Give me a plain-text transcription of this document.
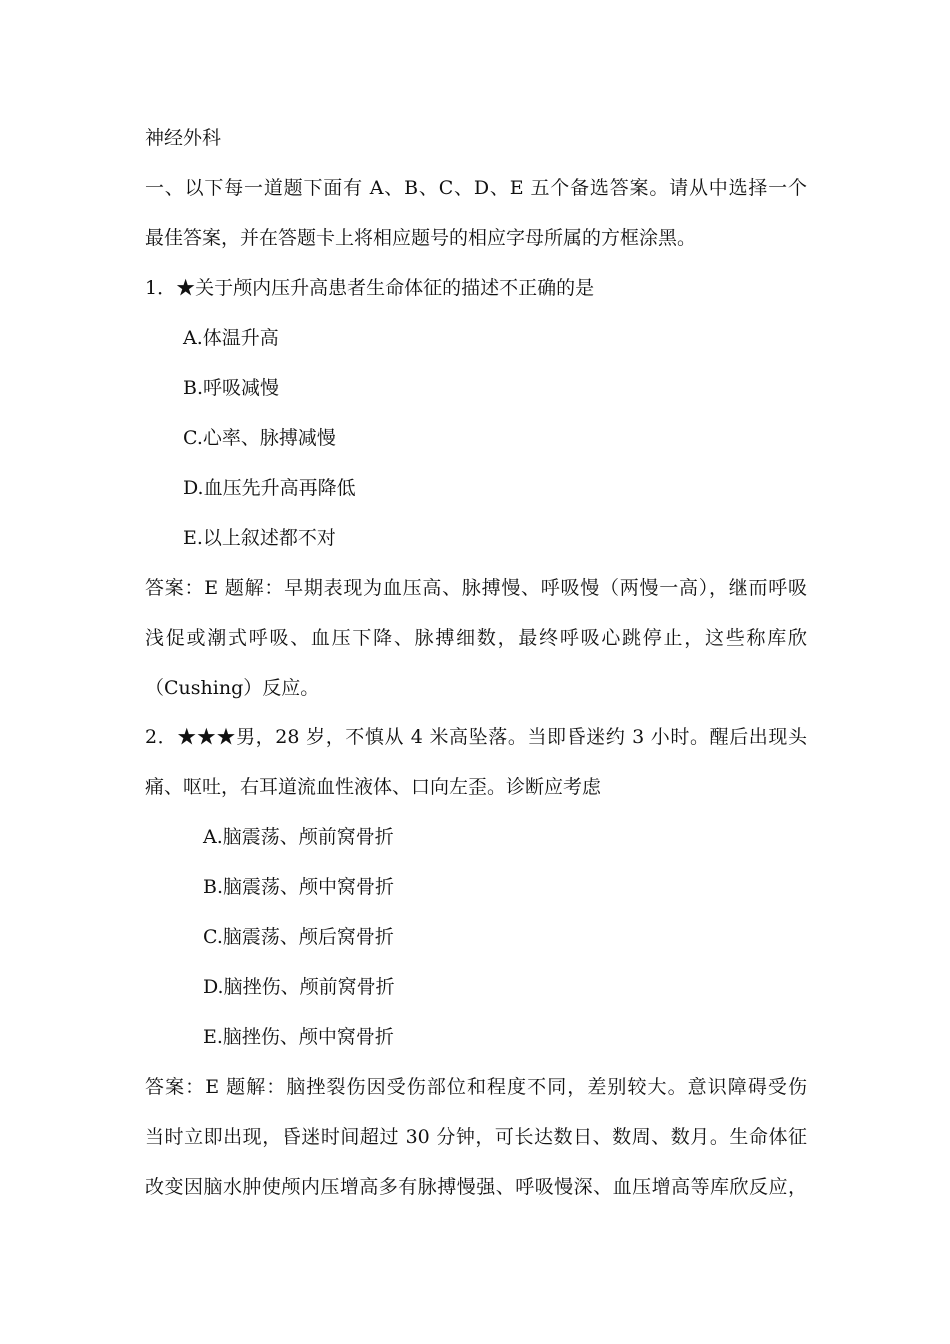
神经外科
一、以下每一道题下面有 A、B、C、D、E 五个备选答案。请从中选择一个
最佳答案，并在答题卡上将相应题号的相应字母所属的方框涂黑。
1．★关于颅内压升高患者生命体征的描述不正确的是
A.体温升高
B.呼吸减慢
C.心率、脉搏减慢
D.血压先升高再降低
E.以上叙述都不对
答案：E 题解：早期表现为血压高、脉搏慢、呼吸慢（两慢一高），继而呼吸
浅促或潮式呼吸、血压下降、脉搏细数，最终呼吸心跳停止，这些称库欣
（Cushing）反应。
2．★★★男，28 岁，不慎从 4 米高坠落。当即昏迷约 3 小时。醒后出现头
痛、呕吐，右耳道流血性液体、口向左歪。诊断应考虑
A.脑震荡、颅前窝骨折
B.脑震荡、颅中窝骨折
C.脑震荡、颅后窝骨折
D.脑挫伤、颅前窝骨折
E.脑挫伤、颅中窝骨折
答案：E 题解：脑挫裂伤因受伤部位和程度不同，差别较大。意识障碍受伤
当时立即出现，昏迷时间超过 30 分钟，可长达数日、数周、数月。生命体征
改变因脑水肿使颅内压增高多有脉搏慢强、呼吸慢深、血压增高等库欣反应，
